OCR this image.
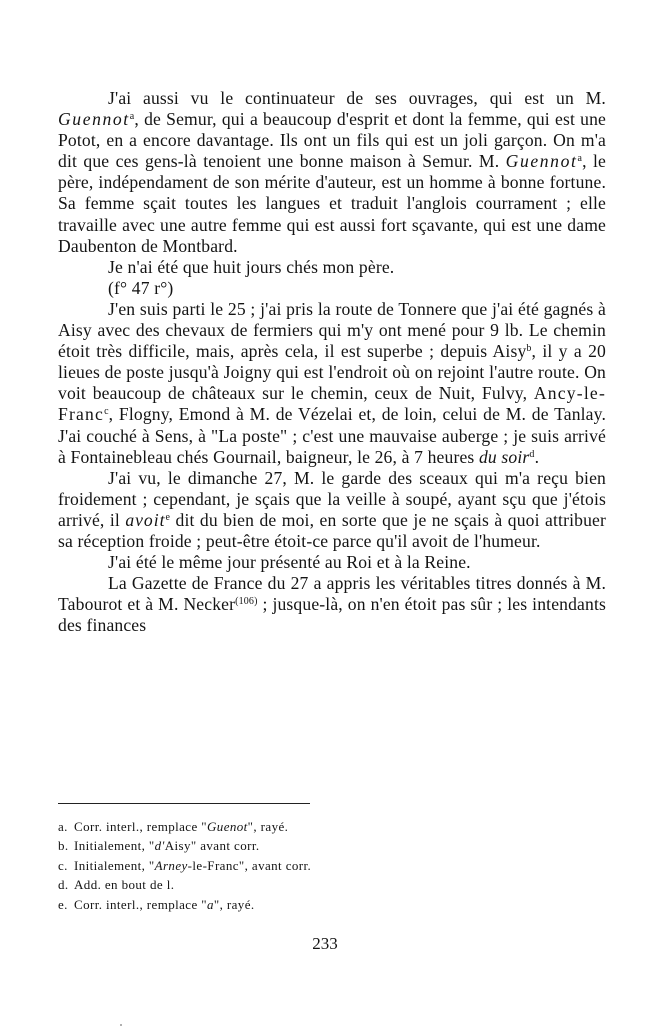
J'ai aussi vu le continuateur de ses ouvrages, qui est un M. Guennot$^a$, de Semur, qui a beaucoup d'esprit et dont la femme, qui est une Potot, en a encore davantage. Ils ont un fils qui est un joli garçon. On m'a dit que ces gens-là tenoient une bonne maison à Semur. M. Guennot$^a$, le père, indépendament de son mérite d'auteur, est un homme à bonne fortune. Sa femme sçait toutes les langues et traduit l'anglois courrament ; elle travaille avec une autre femme qui est aussi fort sçavante, qui est une dame Daubenton de Montbard.

Je n'ai été que huit jours chés mon père.

(f° 47 r°)

J'en suis parti le 25 ; j'ai pris la route de Tonnere que j'ai été gagnés à Aisy avec des chevaux de fermiers qui m'y ont mené pour 9 lb. Le chemin étoit très difficile, mais, après cela, il est superbe ; depuis Aisy$^b$, il y a 20 lieues de poste jusqu'à Joigny qui est l'endroit où on rejoint l'autre route. On voit beaucoup de châteaux sur le chemin, ceux de Nuit, Fulvy, Ancy-le-Franc$^c$, Flogny, Emond à M. de Vézelai et, de loin, celui de M. de Tanlay. J'ai couché à Sens, à "La poste" ; c'est une mauvaise auberge ; je suis arrivé à Fontainebleau chés Gournail, baigneur, le 26, à 7 heures du soir$^d$.

J'ai vu, le dimanche 27, M. le garde des sceaux qui m'a reçu bien froidement ; cependant, je sçais que la veille à soupé, ayant sçu que j'étois arrivé, il avoit$^e$ dit du bien de moi, en sorte que je ne sçais à quoi attribuer sa réception froide ; peut-être étoit-ce parce qu'il avoit de l'humeur.

J'ai été le même jour présenté au Roi et à la Reine.

La Gazette de France du 27 a appris les véritables titres donnés à M. Tabourot et à M. Necker$^{(106)}$ ; jusque-là, on n'en étoit pas sûr ; les intendants des finances

a. Corr. interl., remplace "Guenot", rayé.

b. Initialement, "d'Aisy" avant corr.

c. Initialement, "Arney-le-Franc", avant corr.

d. Add. en bout de l.

e. Corr. interl., remplace "a", rayé.

233
